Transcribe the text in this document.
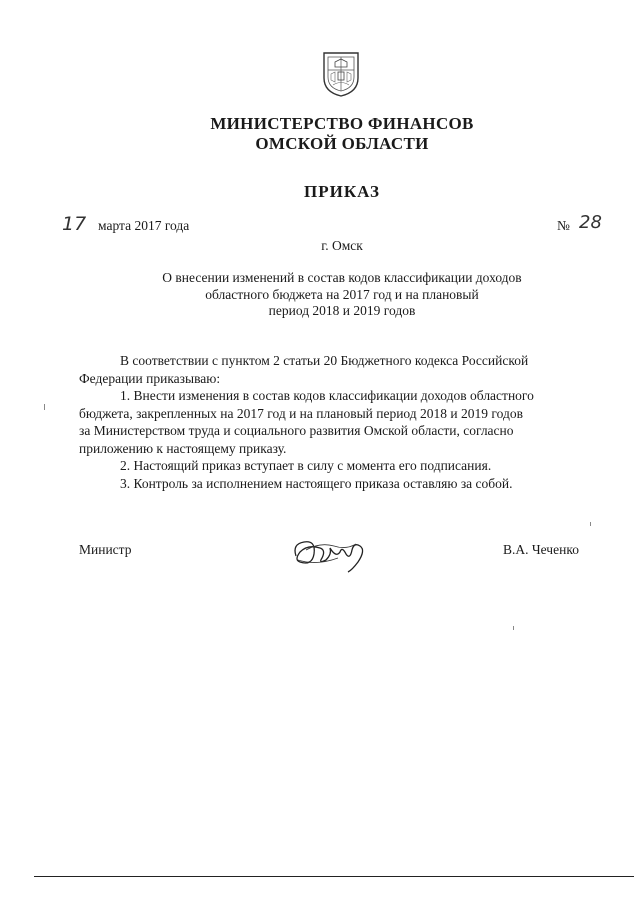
МИНИСТЕРСТВО ФИНАНСОВ
ОМСКОЙ ОБЛАСТИ
ПРИКАЗ
17 марта 2017 года	№ 28
г. Омск
О внесении изменений в состав кодов классификации доходов
областного бюджета на 2017 год и на плановый
период 2018 и 2019 годов
В соответствии с пунктом 2 статьи 20 Бюджетного кодекса Российской
Федерации приказываю:
1. Внести изменения в состав кодов классификации доходов областного
бюджета, закрепленных на 2017 год и на плановый период 2018 и 2019 годов
за Министерством труда и социального развития Омской области, согласно
приложению к настоящему приказу.
2. Настоящий приказ вступает в силу с момента его подписания.
3. Контроль за исполнением настоящего приказа оставляю за собой.
Министр	В.А. Чеченко
